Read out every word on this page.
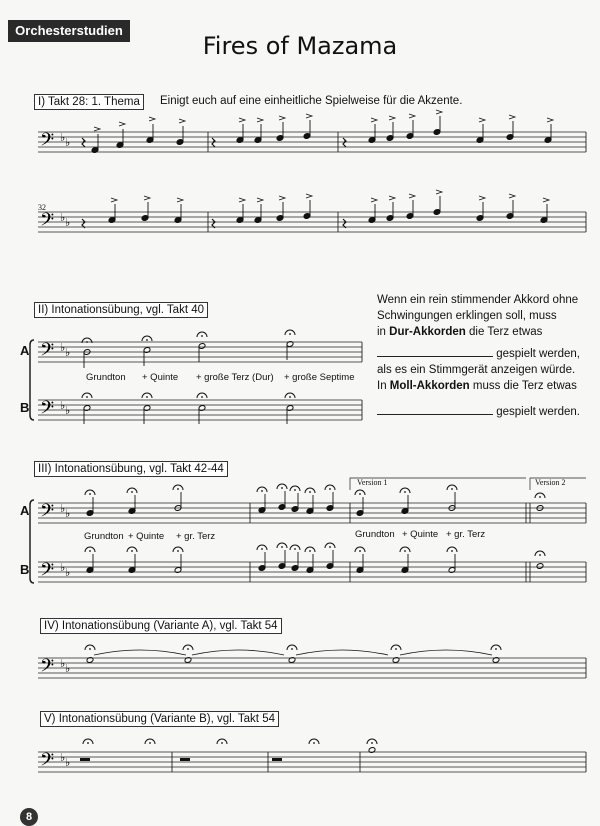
Orchesterstudien
Fires of Mazama
I) Takt 28: 1. Thema	Einigt euch auf eine einheitliche Spielweise für die Akzente.
32
II) Intonationsübung, vgl. Takt 40
A
B
Grundton + Quinte + große Terz (Dur) + große Septime
Wenn ein rein stimmender Akkord ohne
Schwingungen erklingen soll, muss
in Dur-Akkorden die Terz etwas
gespielt werden,
als es ein Stimmgerät anzeigen würde.
In Moll-Akkorden muss die Terz etwas
gespielt werden.
III) Intonationsübung, vgl. Takt 42-44
A
B
Grundton + Quinte + gr. Terz	Grundton + Quinte + gr. Terz
Version 1	Version 2
IV) Intonationsübung (Variante A), vgl. Takt 54
V) Intonationsübung (Variante B), vgl. Takt 54
8
𝄢 ♭ ♭ ‧	‧	‧
𝄢 ♭ ♭ ‧	‧	‧
𝄢 ♭ ♭
𝄢 ♭ ♭
𝄢 ♭ ♭
𝄢 ♭ ♭
𝄢 ♭ ♭
𝄢 ♭ ♭
